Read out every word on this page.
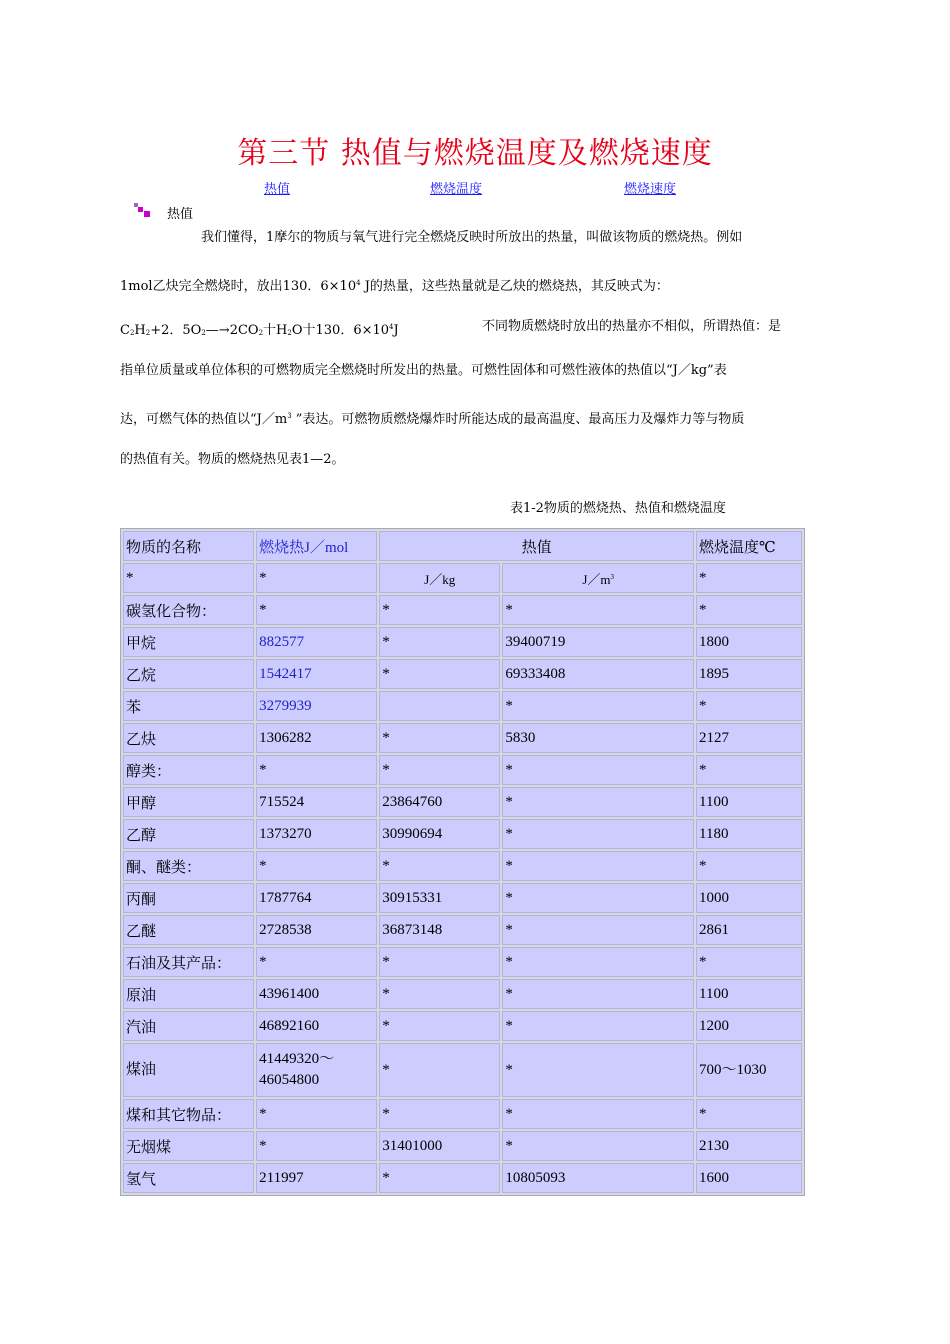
第三节 热值与燃烧温度及燃烧速度
热值	燃烧温度	燃烧速度
热值
我们懂得，1摩尔的物质与氧气进行完全燃烧反映时所放出的热量，叫做该物质的燃烧热。例如
1mol乙炔完全燃烧时，放出130．$6\times 10^4$ J的热量，这些热量就是乙炔的燃烧热，其反映式为：
$C_2H_2+2$．$5O_2—\to 2CO_2$十$H_2O$十130．$6\times 10^4J$	不同物质燃烧时放出的热量亦不相似，所谓热值：是
指单位质量或单位体积的可燃物质完全燃烧时所发出的热量。可燃性固体和可燃性液体的热值以“J／kg”表
达，可燃气体的热值以“$J/m^3$ ”表达。可燃物质燃烧爆炸时所能达成的最高温度、最高压力及爆炸力等与物质
的热值有关。物质的燃烧热见表1—2。
表1-2物质的燃烧热、热值和燃烧温度
物质的名称	燃烧热J／mol	热值		燃烧温度℃
*	*	J／kg	$J/m^3$	*
碳氢化合物：	*	*	*	*
甲烷	882577	*	39400719	1800
乙烷	1542417	*	69333408	1895
苯	3279939		*	*
乙炔	1306282	*	5830	2127
醇类：	*	*	*	*
甲醇	715524	23864760	*	1100
乙醇	1373270	30990694	*	1180
酮、醚类：	*	*	*	*
丙酮	1787764	30915331	*	1000
乙醚	2728538	36873148	*	2861
石油及其产品：	*	*	*	*
原油	43961400	*	*	1100
汽油	46892160	*	*	1200
煤油	41449320～
46054800	*	*	700～1030
煤和其它物品：	*	*	*	*
无烟煤	*	31401000	*	2130
氢气	211997	*	10805093	1600
